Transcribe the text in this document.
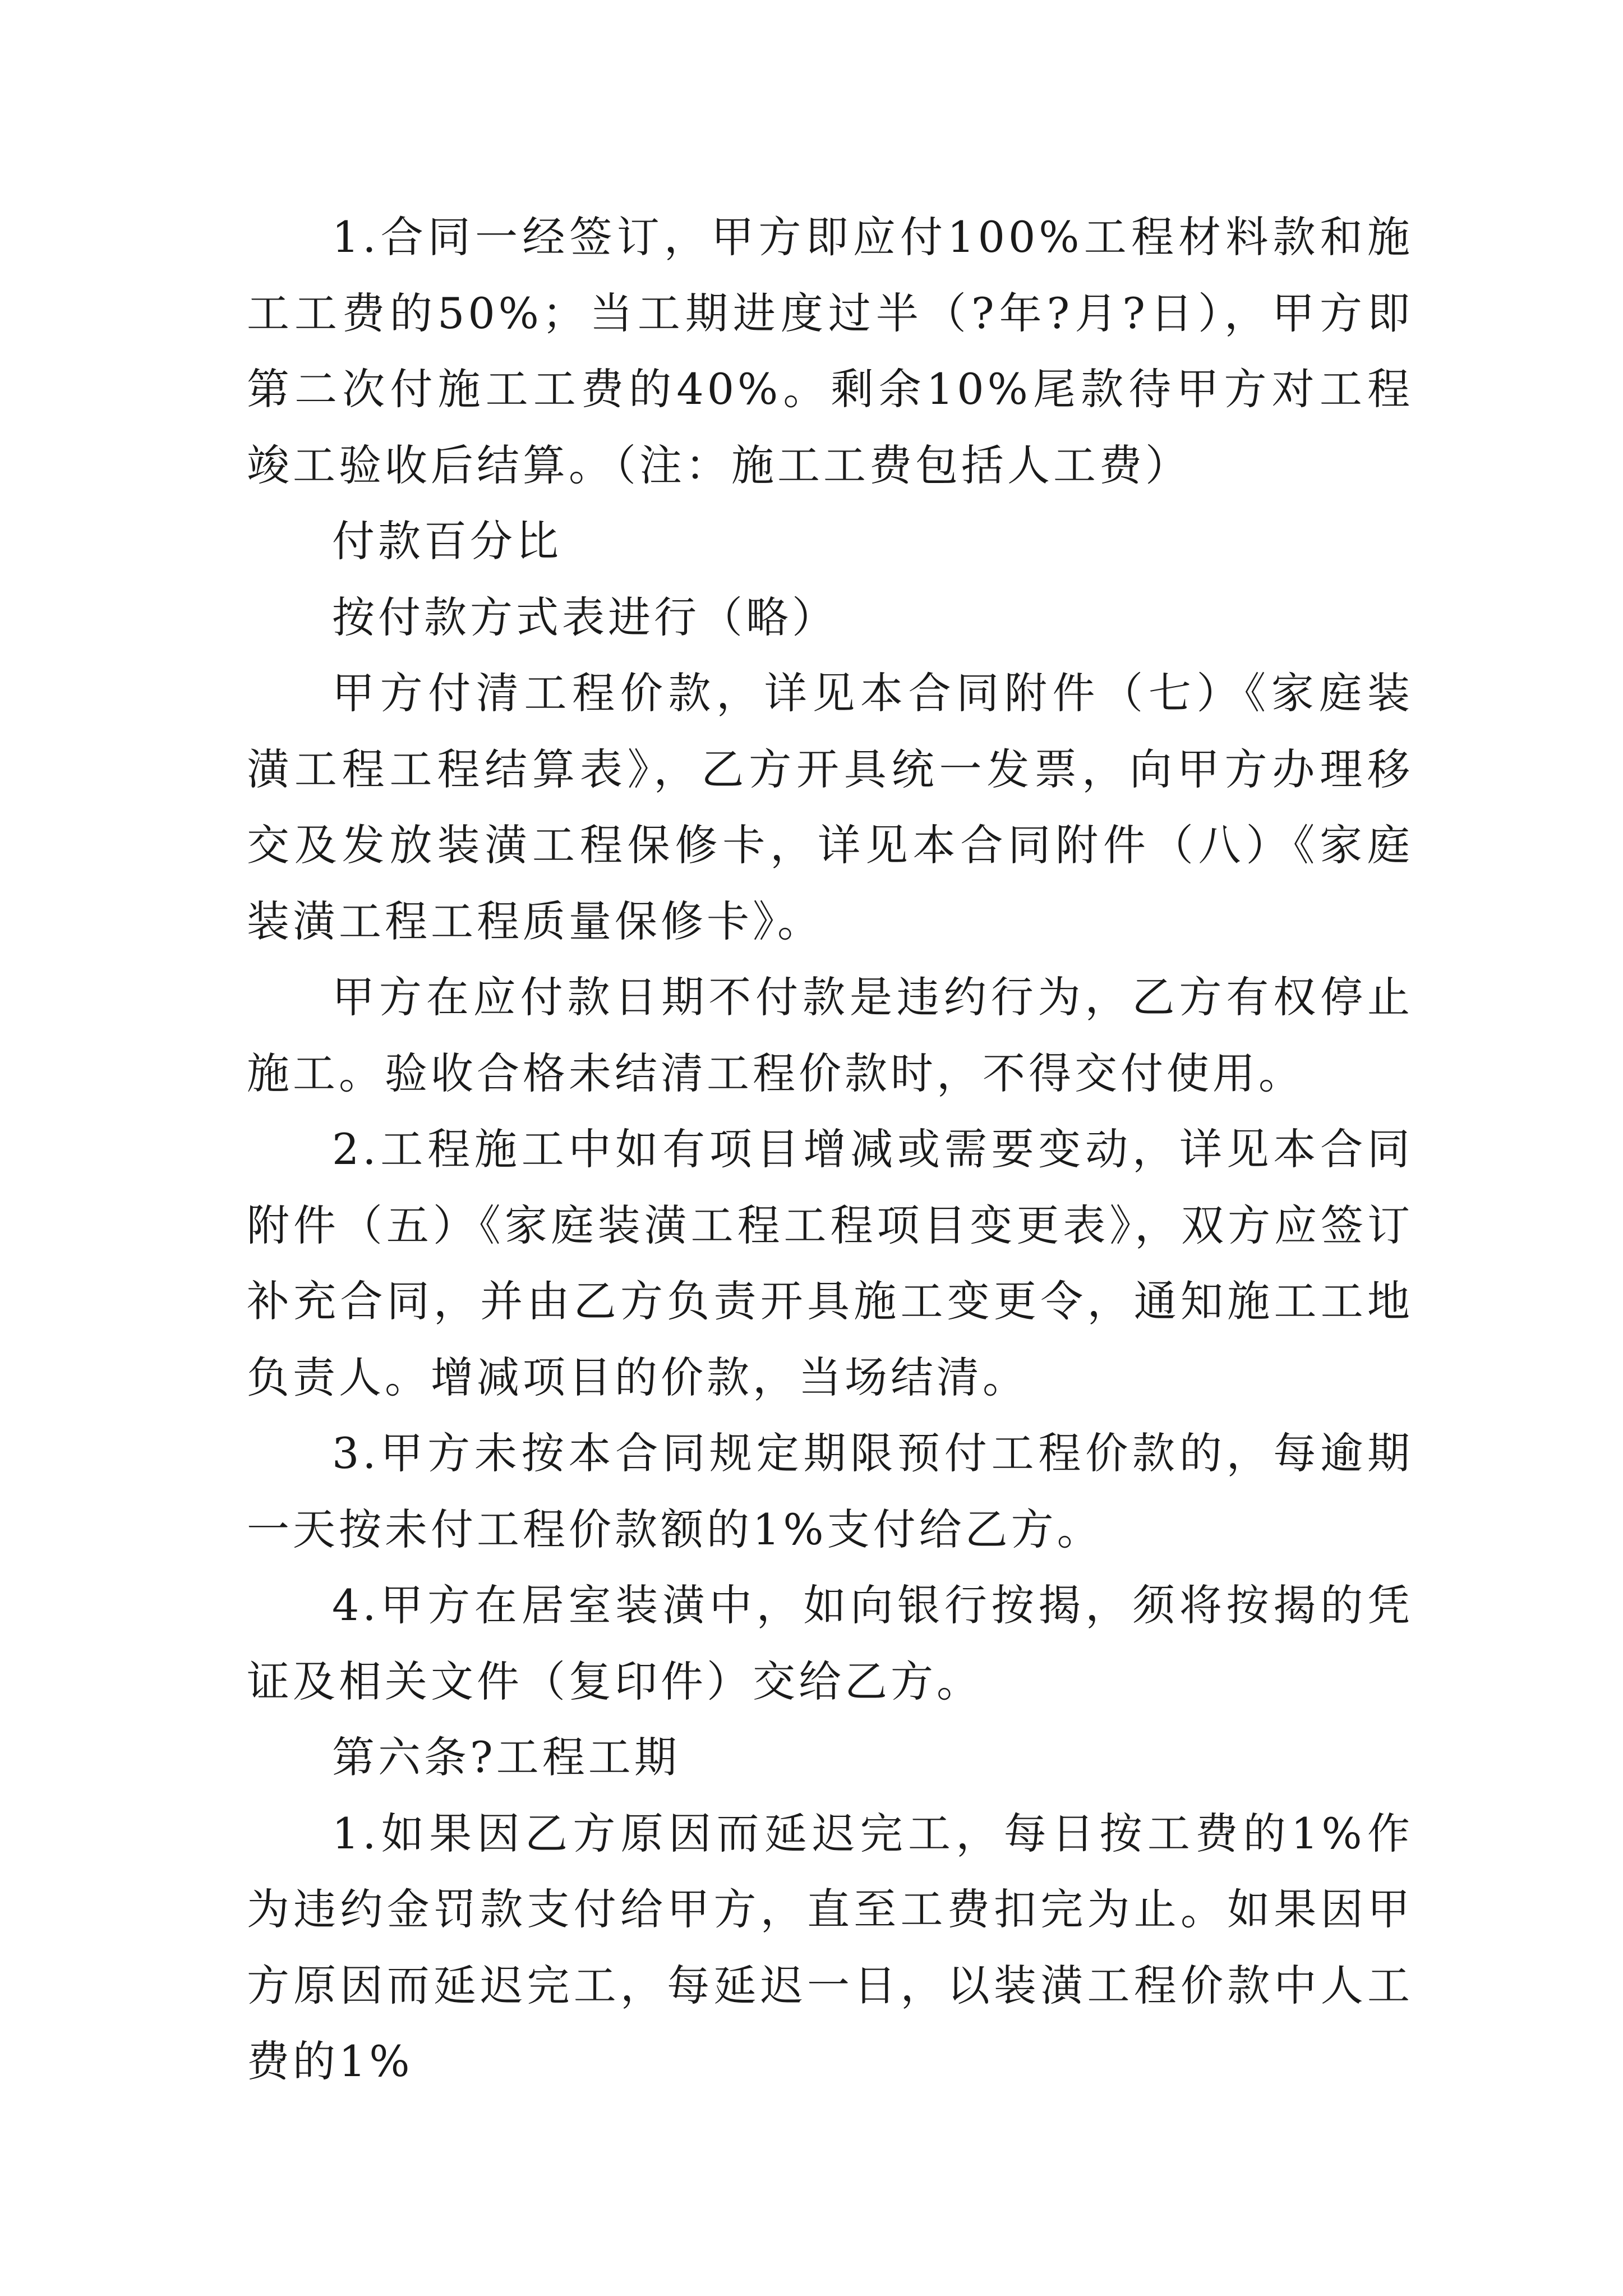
1.合同一经签订，甲方即应付100%工程材料款和施工工费的50%；当工期进度过半（?年?月?日），甲方即第二次付施工工费的40%。剩余10%尾款待甲方对工程竣工验收后结算。（注：施工工费包括人工费）

付款百分比

按付款方式表进行（略）

甲方付清工程价款，详见本合同附件（七）《家庭装潢工程工程结算表》，乙方开具统一发票，向甲方办理移交及发放装潢工程保修卡，详见本合同附件（八）《家庭装潢工程工程质量保修卡》。

甲方在应付款日期不付款是违约行为，乙方有权停止施工。验收合格未结清工程价款时，不得交付使用。

2.工程施工中如有项目增减或需要变动，详见本合同附件（五）《家庭装潢工程工程项目变更表》，双方应签订补充合同，并由乙方负责开具施工变更令，通知施工工地负责人。增减项目的价款，当场结清。

3.甲方未按本合同规定期限预付工程价款的，每逾期一天按未付工程价款额的1%支付给乙方。

4.甲方在居室装潢中，如向银行按揭，须将按揭的凭证及相关文件（复印件）交给乙方。

第六条?工程工期

1.如果因乙方原因而延迟完工，每日按工费的1%作为违约金罚款支付给甲方，直至工费扣完为止。如果因甲方原因而延迟完工，每延迟一日，以装潢工程价款中人工费的1%
